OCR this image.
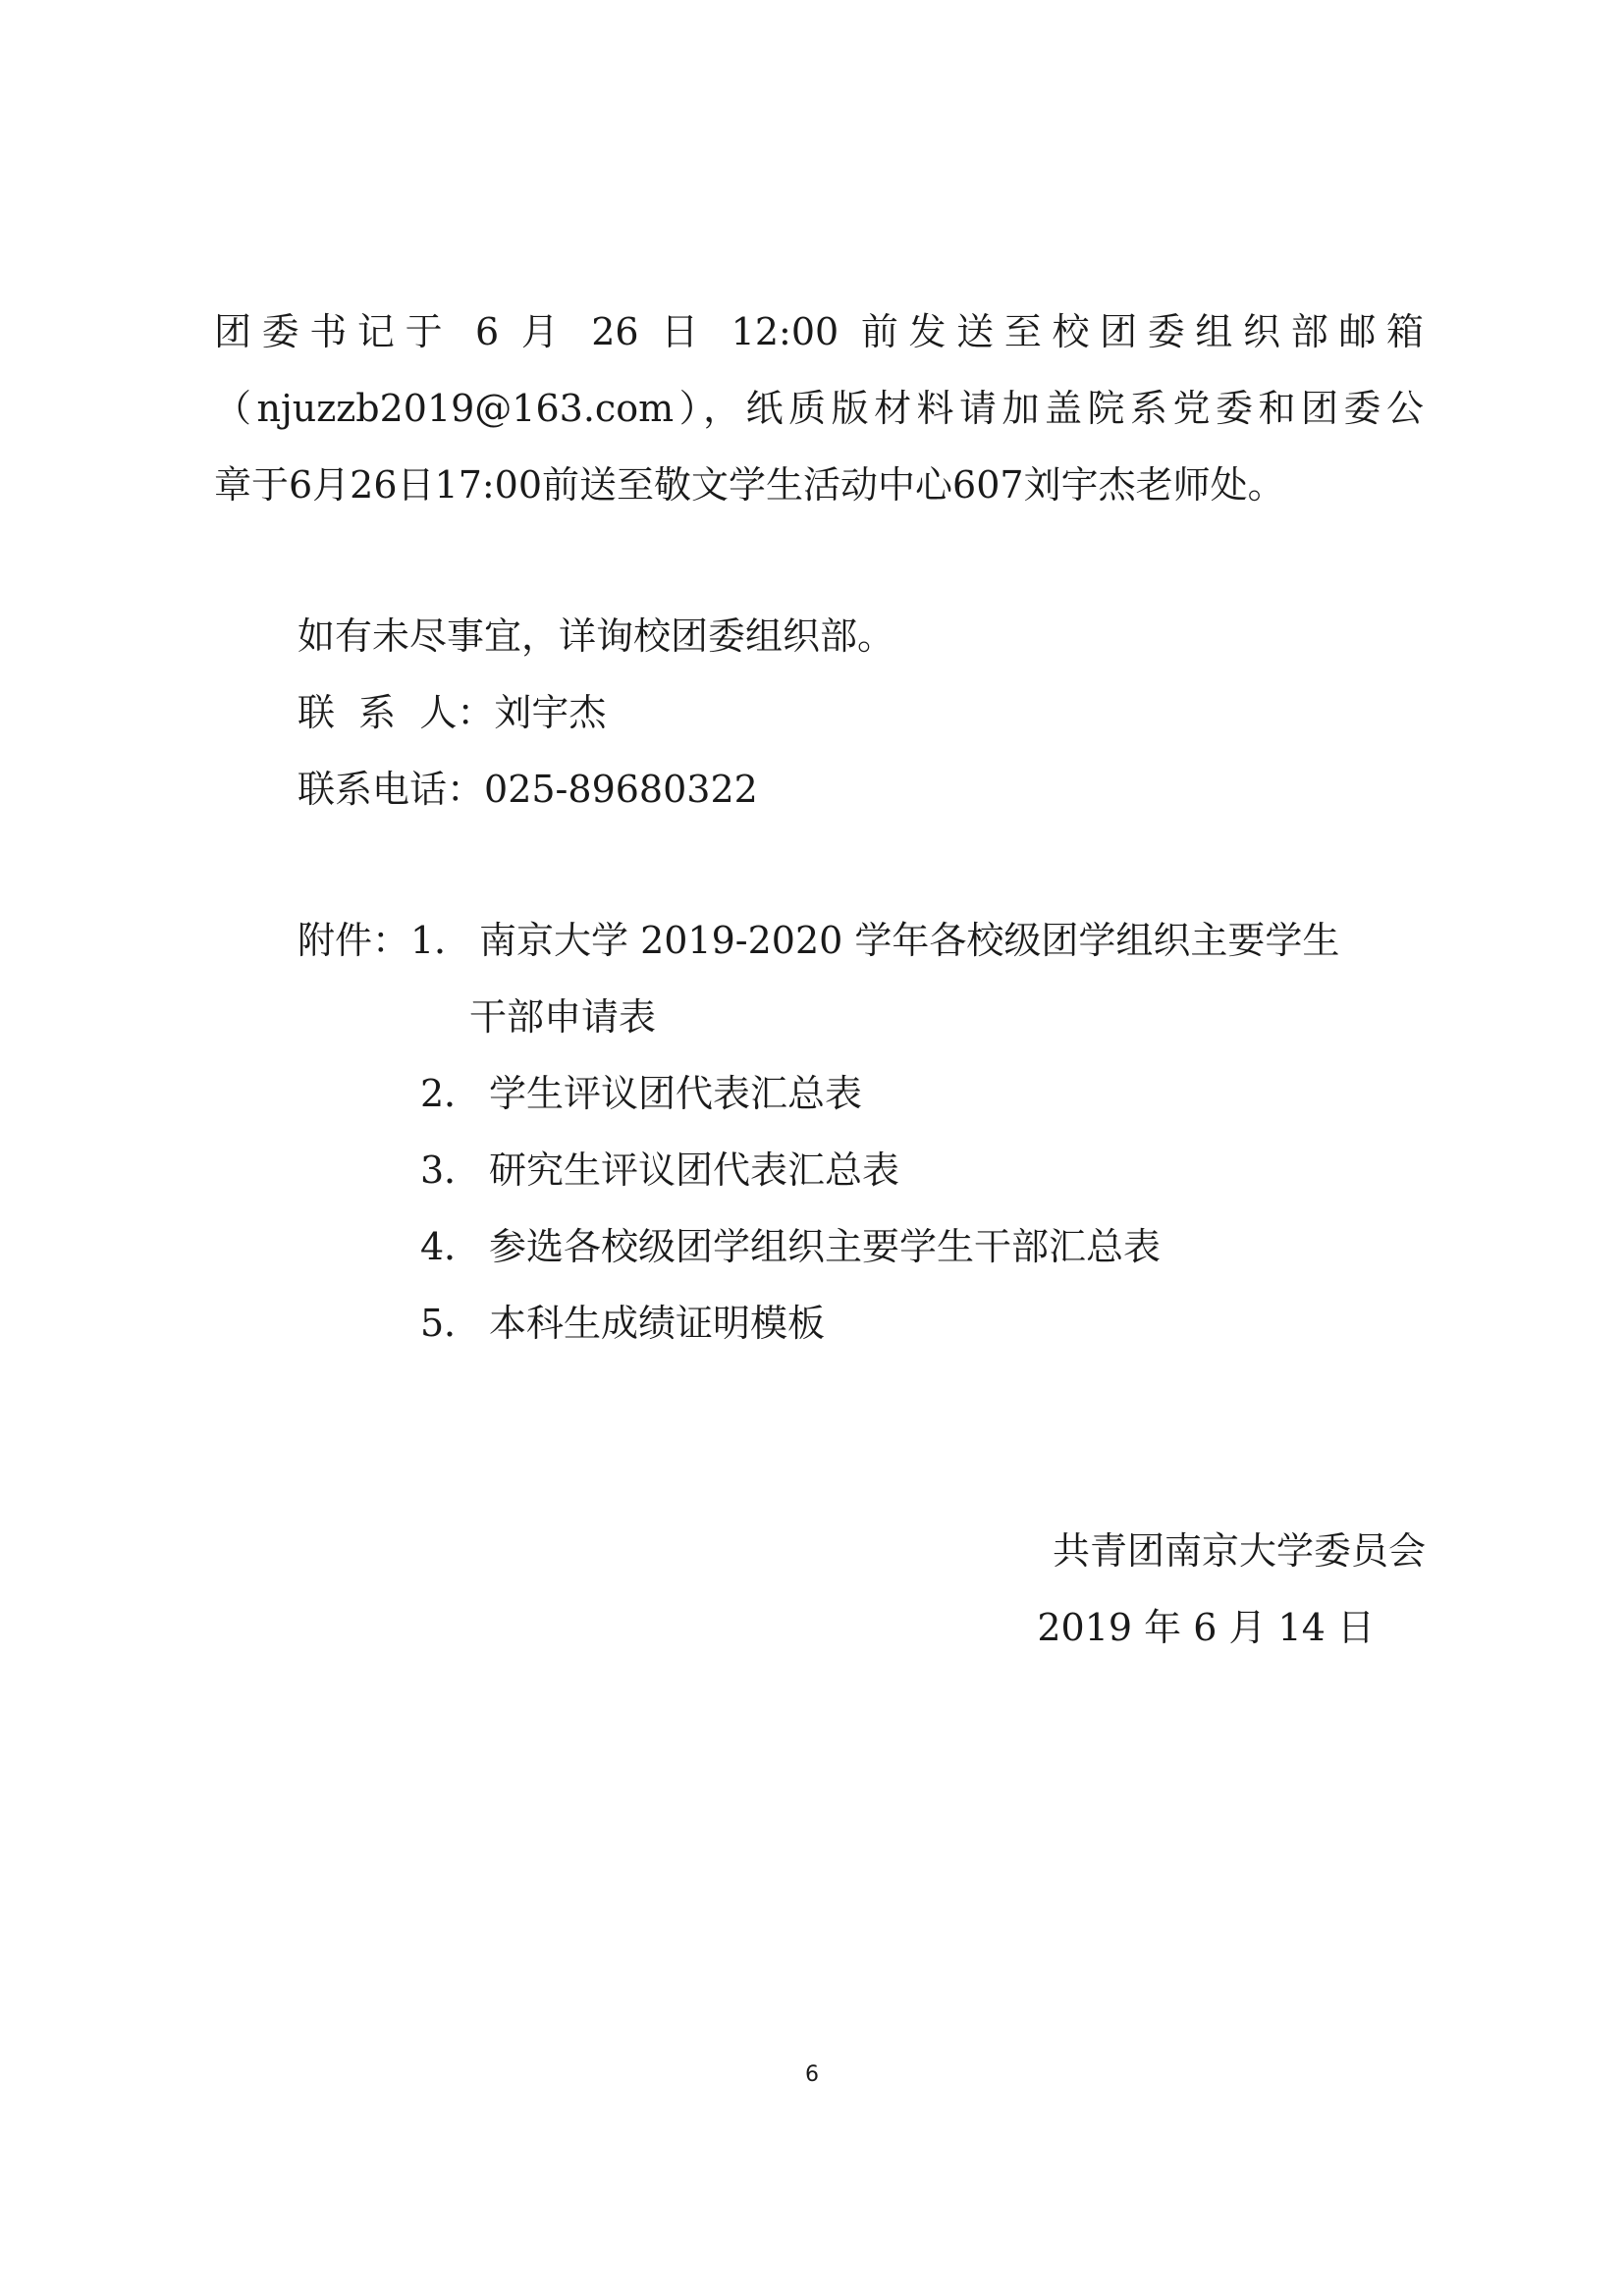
团委书记于 6 月 26 日 12:00 前发送至校团委组织部邮箱
（njuzzb2019@163.com），纸质版材料请加盖院系党委和团委公
章于6月26日17:00前送至敬文学生活动中心607刘宇杰老师处。
如有未尽事宜，详询校团委组织部。
联  系  人：刘宇杰
联系电话：025-89680322
附件： 1． 南京大学 2019-2020 学年各校级团学组织主要学生
干部申请表
2． 学生评议团代表汇总表
3． 研究生评议团代表汇总表
4． 参选各校级团学组织主要学生干部汇总表
5． 本科生成绩证明模板
共青团南京大学委员会
2019 年 6 月 14 日
6
